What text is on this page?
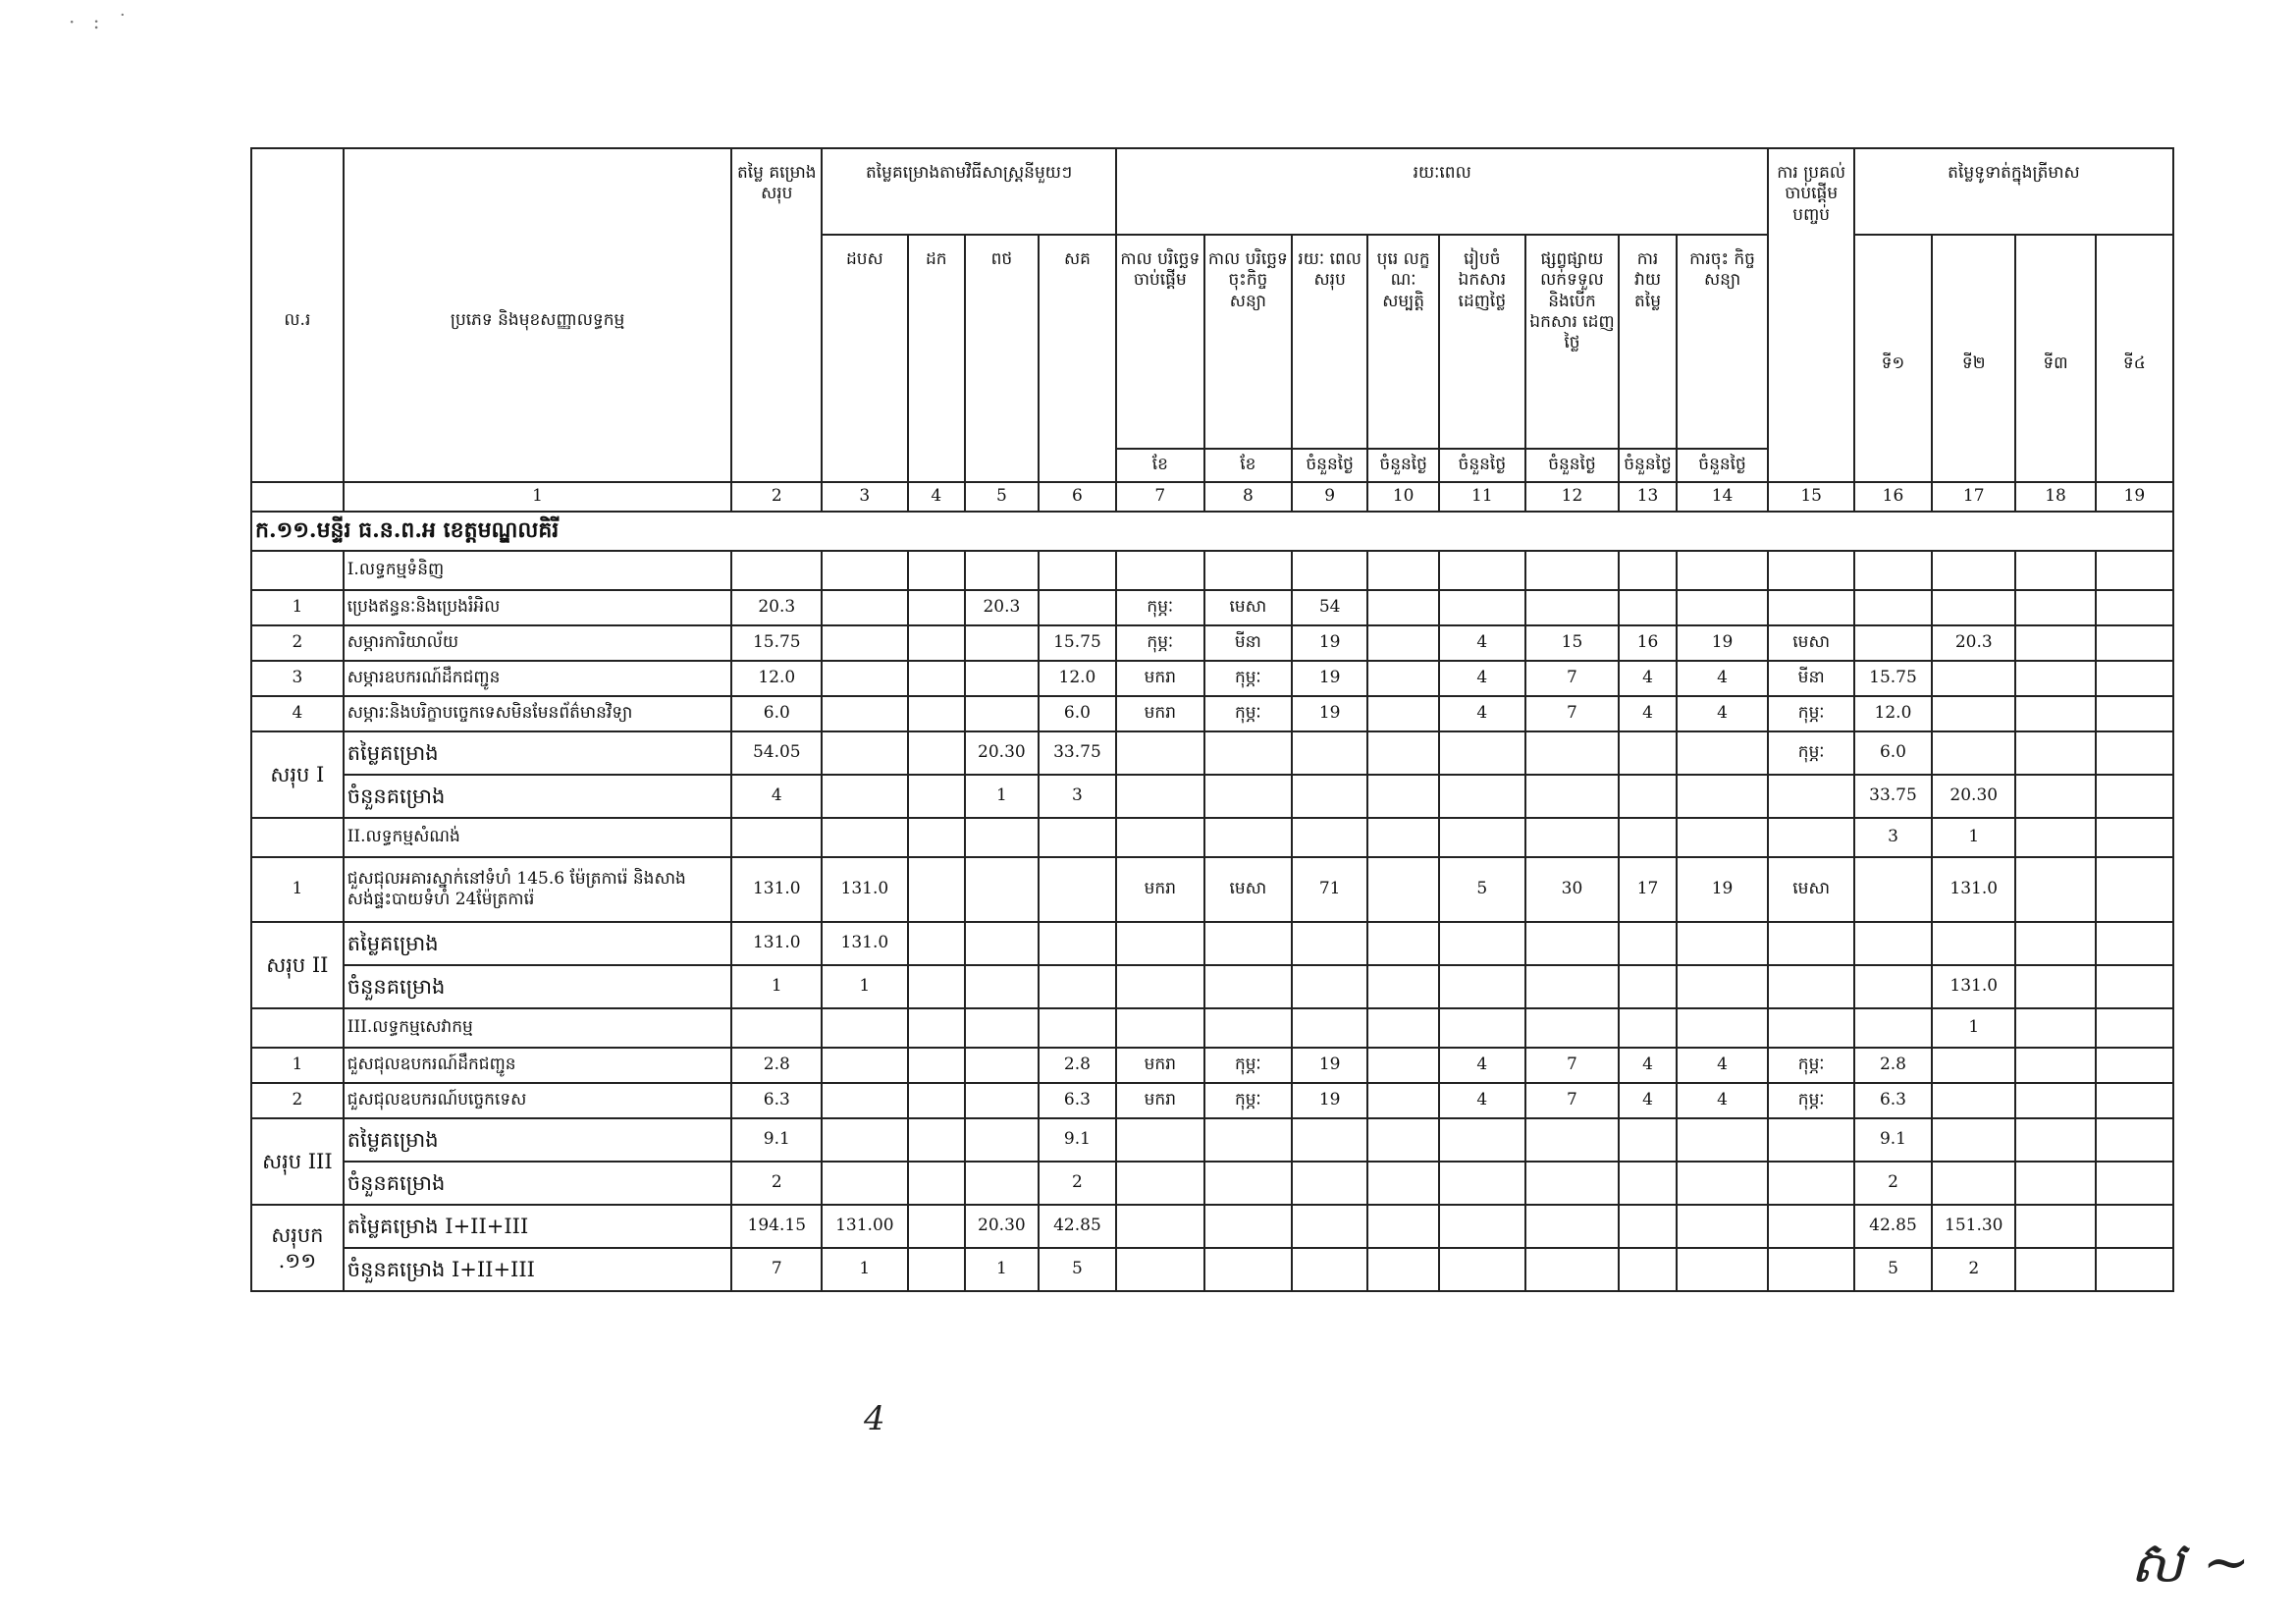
ល.រ	ប្រភេទ និងមុខសញ្ញាលទ្ធកម្ម	តម្លៃ គម្រោង សរុប	តម្លៃគម្រោងតាមវិធីសាស្ត្រនីមួយៗ				រយៈពេល								ការ ប្រគល់ ចាប់ផ្ដើម បញ្ចប់	តម្លៃទូទាត់ក្នុងត្រីមាស			
			ដបស	ដក	ពថ	សគ	កាល បរិច្ឆេទ ចាប់ផ្ដើម	កាល បរិច្ឆេទ ចុះកិច្ច សន្យា	រយៈ ពេល សរុប	បុរេ លក្ខ ណៈ សម្បត្តិ	រៀបចំ ឯកសារ ដេញថ្លៃ	ផ្សព្វផ្សាយ លក់ទទួល និងបើក ឯកសារ ដេញថ្លៃ	ការ វាយ តម្លៃ	ការចុះ កិច្ចសន្យា		ទី១	ទី២	ទី៣	ទី៤
							ខែ	ខែ	ចំនួនថ្ងៃ	ចំនួនថ្ងៃ	ចំនួនថ្ងៃ	ចំនួនថ្ងៃ	ចំនួនថ្ងៃ	ចំនួនថ្ងៃ					
	1	2	3	4	5	6	7	8	9	10	11	12	13	14	15	16	17	18	19
ក.១១.មន្ទីរ ធ.ន.ព.អ ខេត្តមណ្ឌលគិរី																			
	I.លទ្ធកម្មទំនិញ																		
1	ប្រេងឥន្ធនៈនិងប្រេងរំអិល	20.3			20.3		កុម្ភៈ	មេសា	54										
2	សម្ភារការិយាល័យ	15.75				15.75	កុម្ភៈ	មីនា	19		4	15	16	19	មេសា		20.3		
3	សម្ភារឧបករណ៍ដឹកជញ្ជូន	12.0				12.0	មករា	កុម្ភៈ	19		4	7	4	4	មីនា	15.75			
4	សម្ភារៈនិងបរិក្ខាបច្ចេកទេសមិនមែនព័ត៌មានវិទ្យា	6.0				6.0	មករា	កុម្ភៈ	19		4	7	4	4	កុម្ភៈ	12.0			
សរុប I	តម្លៃគម្រោង	54.05			20.30	33.75									កុម្ភៈ	6.0			
	ចំនួនគម្រោង	4			1	3										33.75	20.30		
	II.លទ្ធកម្មសំណង់															3	1		
1	ជួសជុលអគារស្នាក់នៅទំហំ 145.6 ម៉ែត្រការ៉េ និងសាងសង់ផ្ទះបាយទំហំ 24ម៉ែត្រការ៉េ	131.0	131.0				មករា	មេសា	71		5	30	17	19	មេសា		131.0		
សរុប II	តម្លៃគម្រោង	131.0	131.0																
	ចំនួនគម្រោង	1	1														131.0		
	III.លទ្ធកម្មសេវាកម្ម																1		
1	ជួសជុលឧបករណ៍ដឹកជញ្ជូន	2.8				2.8	មករា	កុម្ភៈ	19		4	7	4	4	កុម្ភៈ	2.8			
2	ជួសជុលឧបករណ៍បច្ចេកទេស	6.3				6.3	មករា	កុម្ភៈ	19		4	7	4	4	កុម្ភៈ	6.3			
សរុប III	តម្លៃគម្រោង	9.1				9.1										9.1			
	ចំនួនគម្រោង	2				2										2			
សរុបក .១១	តម្លៃគម្រោង I+II+III	194.15	131.00		20.30	42.85										42.85	151.30		
	ចំនួនគម្រោង I+II+III	7	1		1	5										5	2		
· : ˙
4
ស ~
